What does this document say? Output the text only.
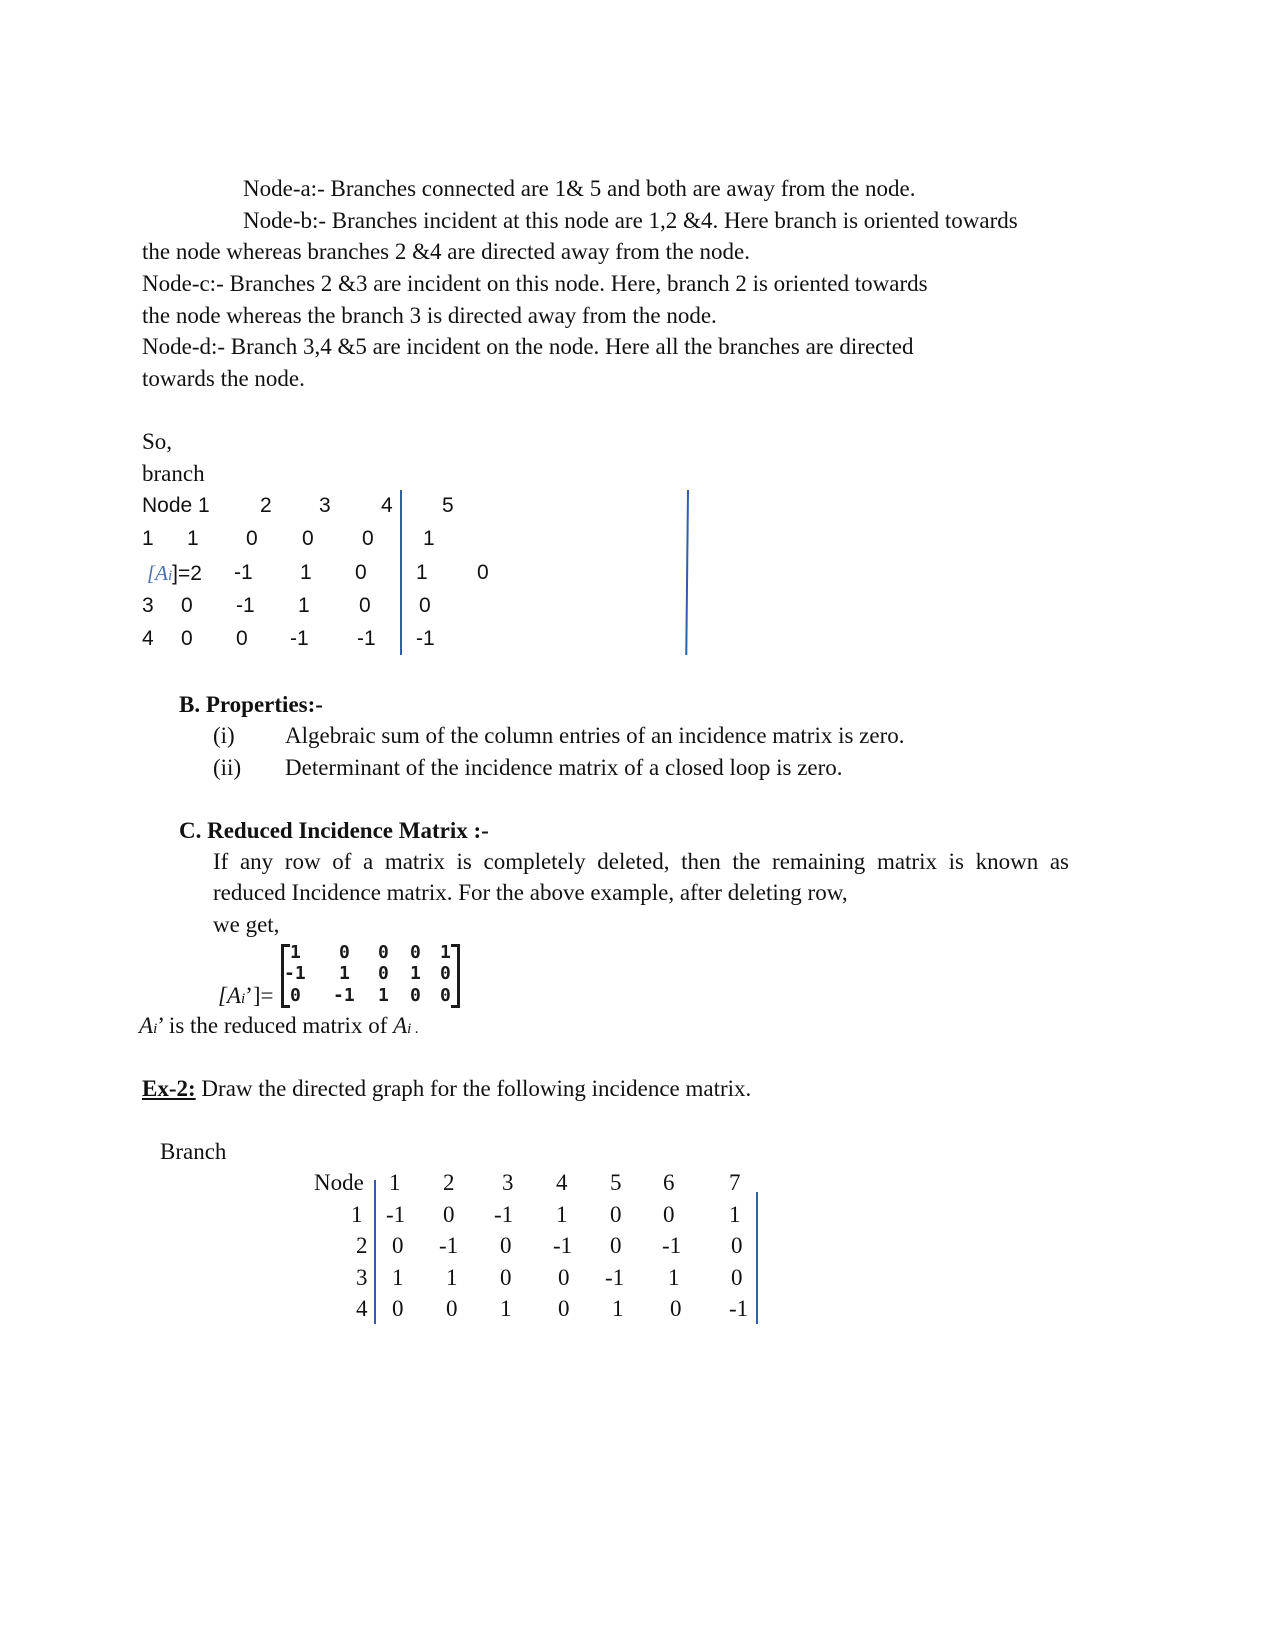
Node-a:- Branches connected are 1& 5 and both are away from the node.
Node-b:- Branches incident at this node are 1,2 &4. Here branch is oriented towards
the node whereas branches 2 &4 are directed away from the node.
Node-c:- Branches 2 &3 are incident on this node. Here, branch 2 is oriented towards
the node whereas the branch 3 is directed away from the node.
Node-d:- Branch 3,4 &5 are incident on the node. Here all the branches are directed
towards the node.
So,
branch
Node 1 2 3 4 5
1 1 0 0 0 1
[Ai]=2 -1 1 0 1 0
3 0 -1 1 0 0
4 0 0 -1 -1 -1
B. Properties:-
(i) Algebraic sum of the column entries of an incidence matrix is zero.
(ii) Determinant of the incidence matrix of a closed loop is zero.
C. Reduced Incidence Matrix :-
If any row of a matrix is completely deleted, then the remaining matrix is known as
reduced Incidence matrix. For the above example, after deleting row,
we get,
[Ai’]=
1 0 0 0 1
-1 1 0 1 0
0 -1 1 0 0
Ai’ is the reduced matrix of Ai .
Ex-2: Draw the directed graph for the following incidence matrix.
Branch
Node 1 2 3 4 5 6 7
1 -1 0 -1 1 0 0 1
2 0 -1 0 -1 0 -1 0
3 1 1 0 0 -1 1 0
4 0 0 1 0 1 0 -1
